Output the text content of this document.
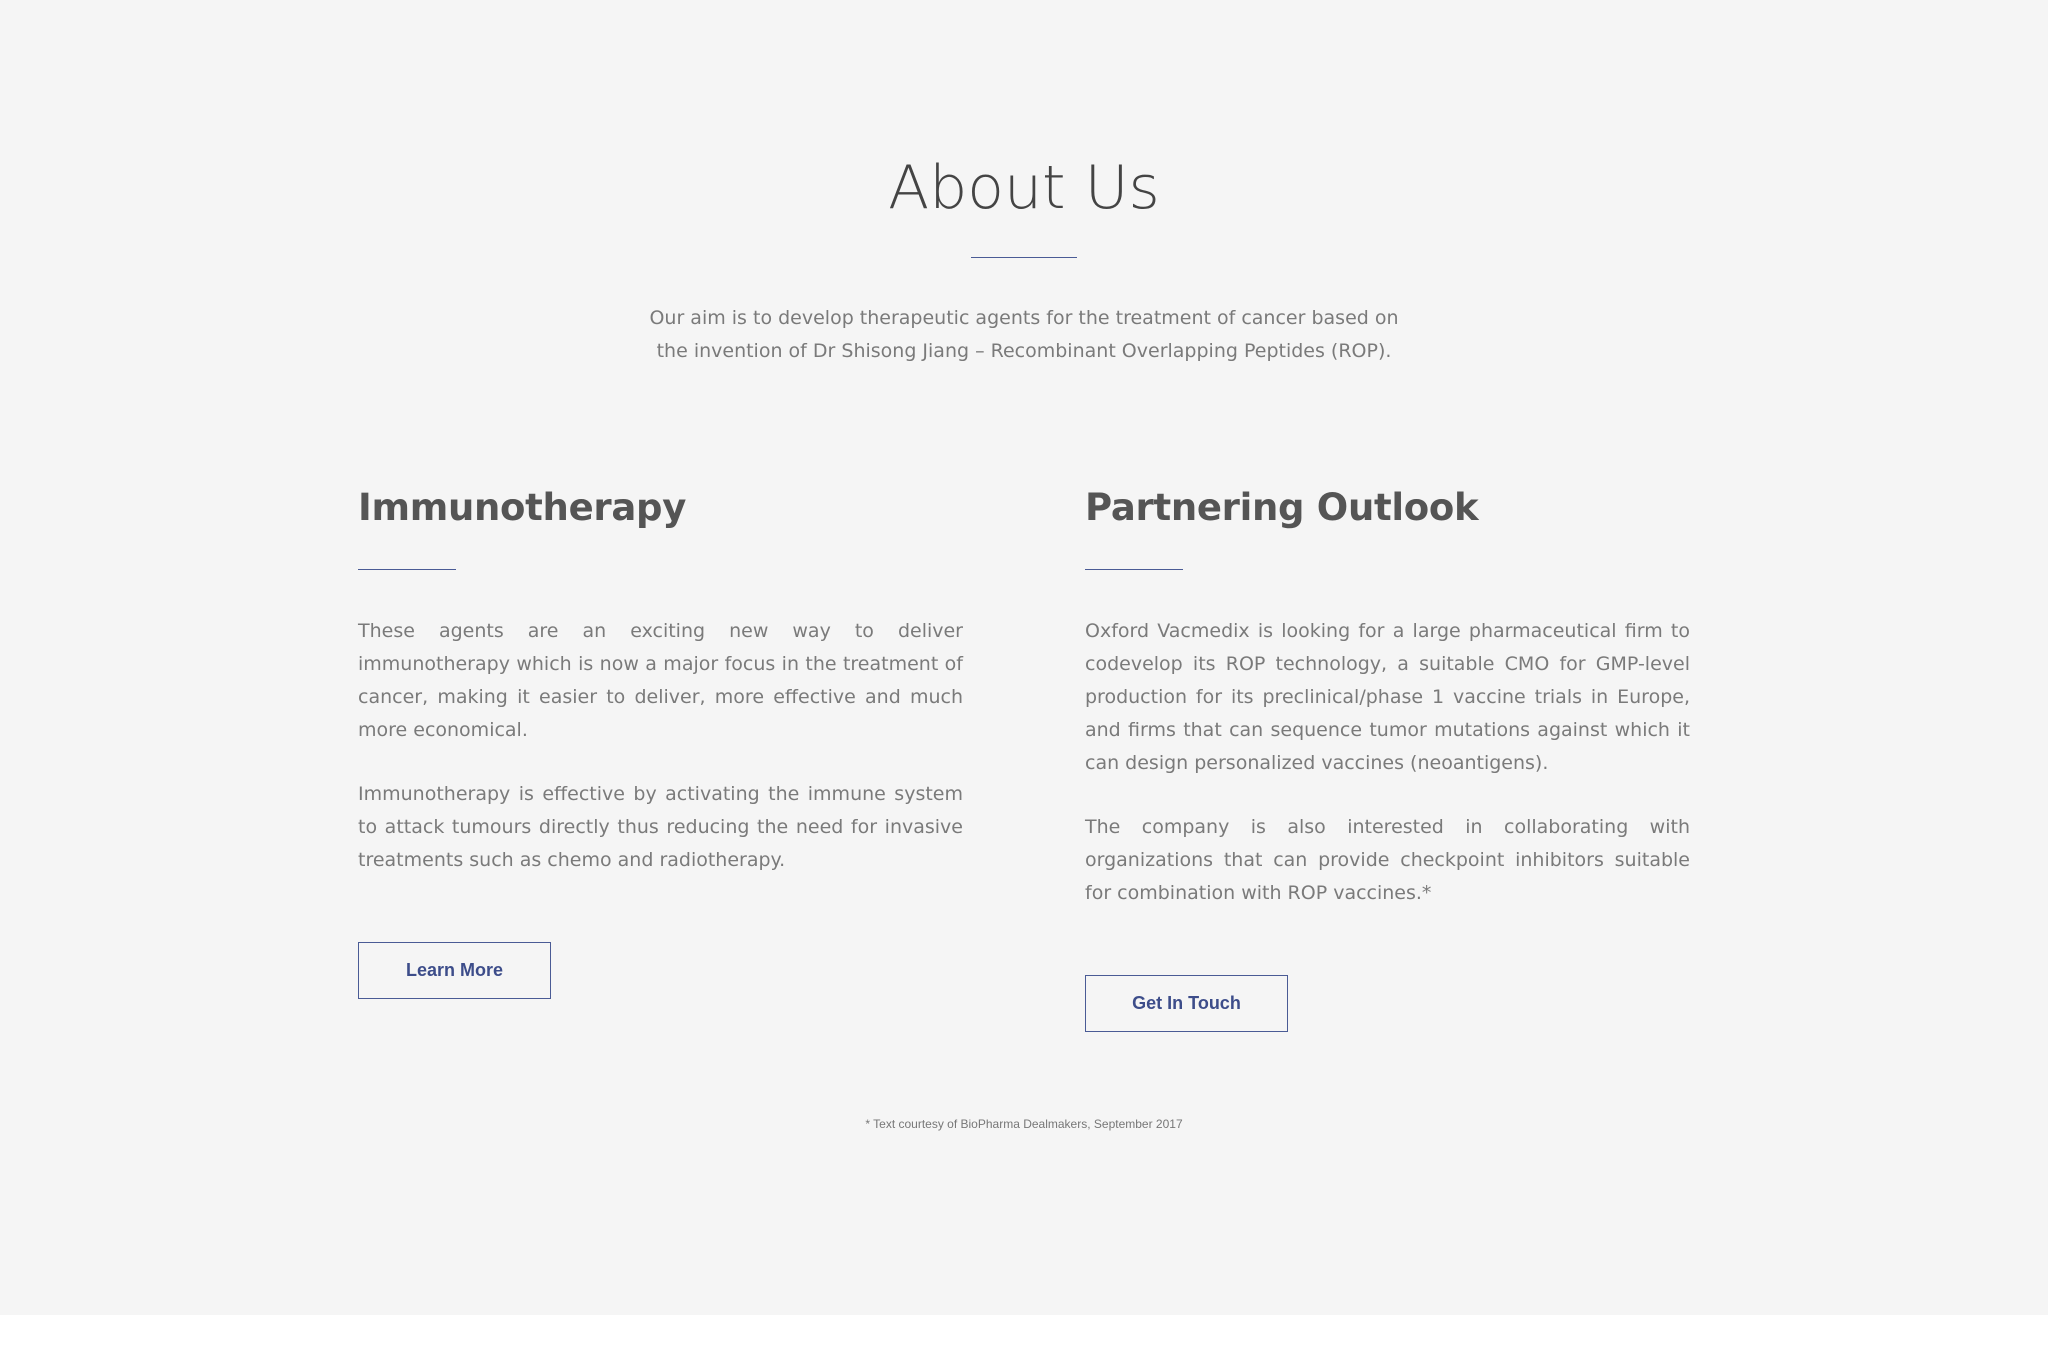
About Us

Our aim is to develop therapeutic agents for the treatment of cancer based on
the invention of Dr Shisong Jiang – Recombinant Overlapping Peptides (ROP).

Immunotherapy

These agents are an exciting new way to deliver immunotherapy which is now a major focus in the treatment of cancer, making it easier to deliver, more effective and much more economical.

Immunotherapy is effective by activating the immune system to attack tumours directly thus reducing the need for invasive treatments such as chemo and radiotherapy.

Learn More
Partnering Outlook

Oxford Vacmedix is looking for a large pharmaceutical firm to codevelop its ROP technology, a suitable CMO for GMP-level production for its preclinical/phase 1 vaccine trials in Europe, and firms that can sequence tumor mutations against which it can design personalized vaccines (neoantigens).

The company is also interested in collaborating with organizations that can provide checkpoint inhibitors suitable for combination with ROP vaccines.*

Get In Touch

* Text courtesy of BioPharma Dealmakers, September 2017
